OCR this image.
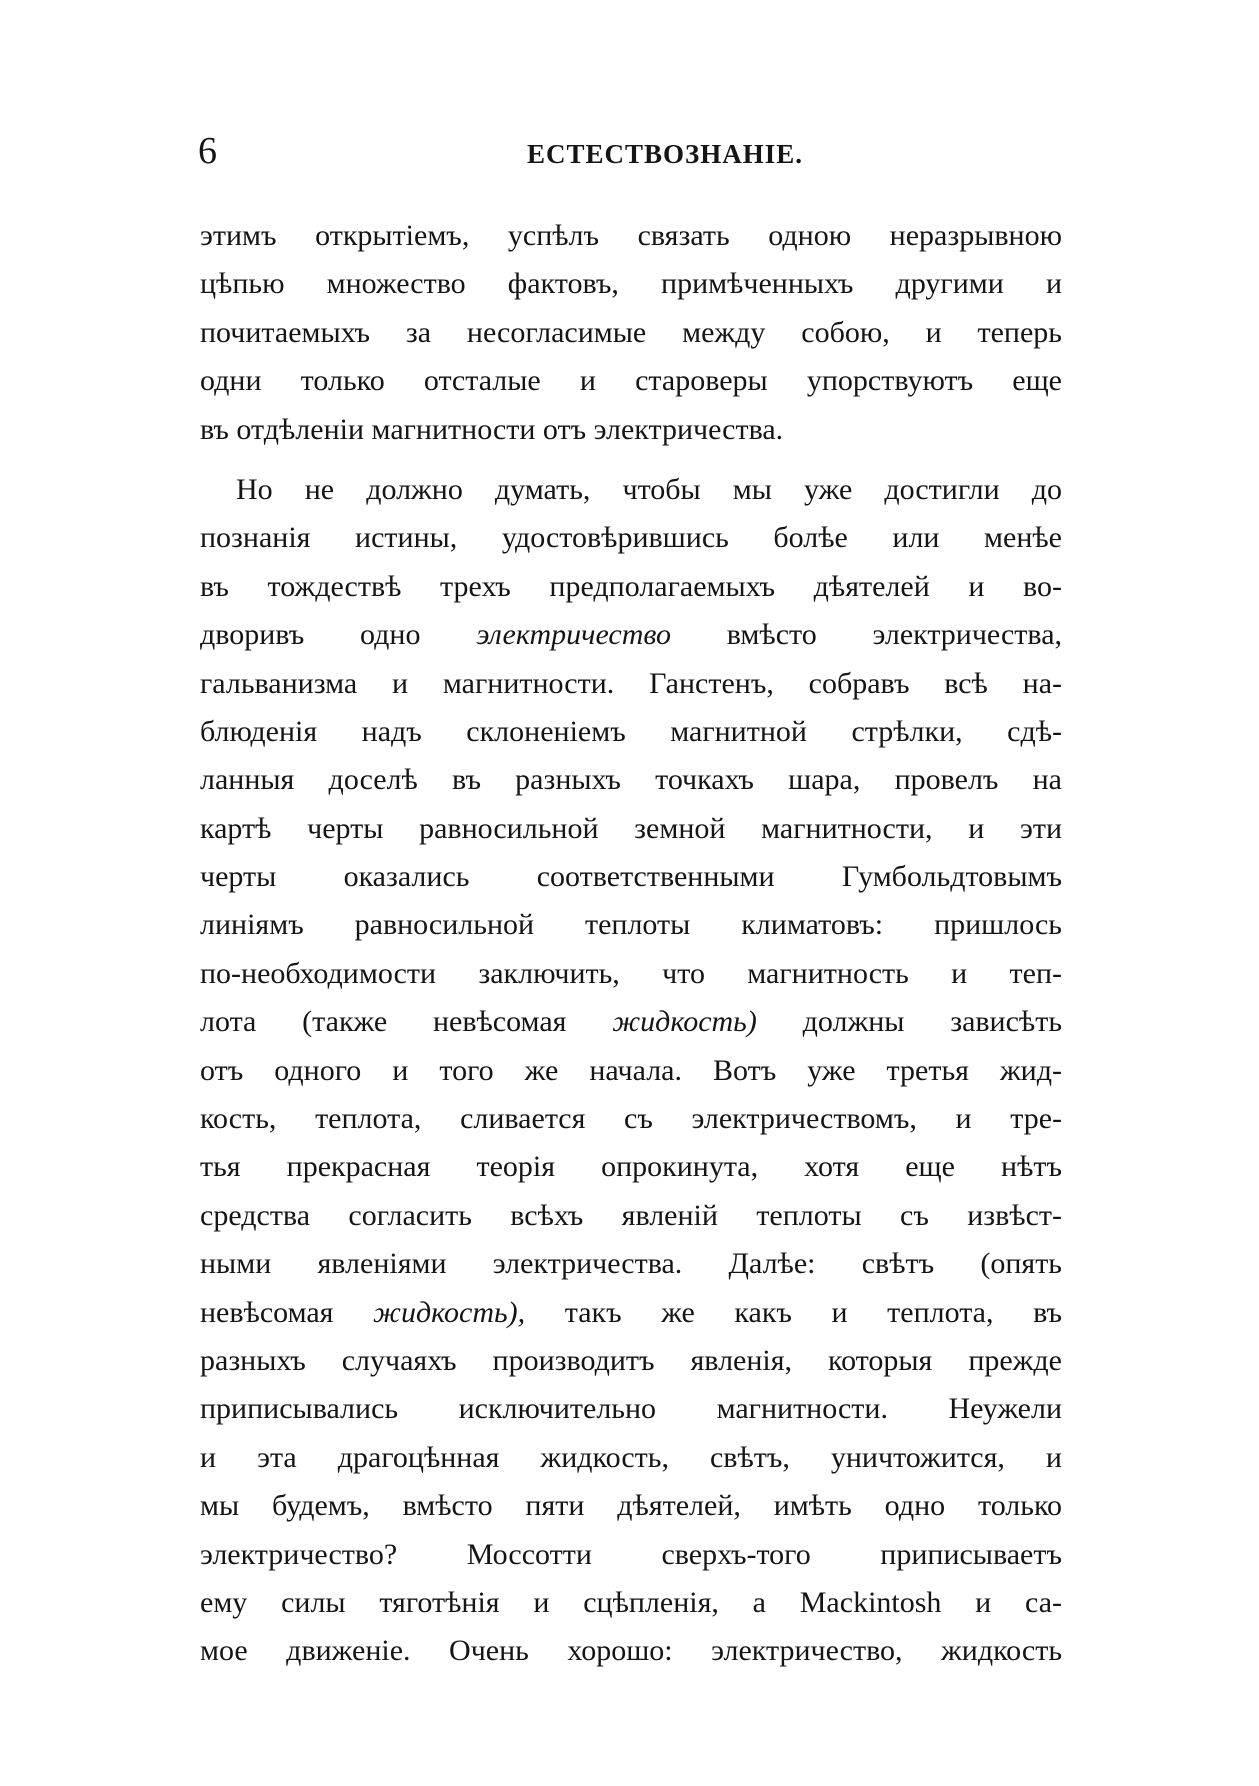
6	ЕСТЕСТВОЗНАНІЕ.
этимъ открытіемъ, успѣлъ связать одною неразрывною
цѣпью множество фактовъ, примѣченныхъ другими и
почитаемыхъ за несогласимые между собою, и теперь
одни только отсталые и староверы упорствуютъ еще
въ отдѣленіи магнитности отъ электричества.
Но не должно думать, чтобы мы уже достигли до
познанія истины, удостовѣрившись болѣе или менѣе
въ тождествѣ трехъ предполагаемыхъ дѣятелей и во-
дворивъ одно электричество вмѣсто электричества,
гальванизма и магнитности. Ганстенъ, собравъ всѣ на-
блюденія надъ склоненіемъ магнитной стрѣлки, сдѣ-
ланныя доселѣ въ разныхъ точкахъ шара, провелъ на
картѣ черты равносильной земной магнитности, и эти
черты оказались соответственными Гумбольдтовымъ
линіямъ равносильной теплоты климатовъ: пришлось
по-необходимости заключить, что магнитность и теп-
лота (также невѣсомая жидкость) должны зависѣть
отъ одного и того же начала. Вотъ уже третья жид-
кость, теплота, сливается съ электричествомъ, и тре-
тья прекрасная теорія опрокинута, хотя еще нѣтъ
средства согласить всѣхъ явленій теплоты съ извѣст-
ными явленіями электричества. Далѣе: свѣтъ (опять
невѣсомая жидкость), такъ же какъ и теплота, въ
разныхъ случаяхъ производитъ явленія, которыя прежде
приписывались исключительно магнитности. Неужели
и эта драгоцѣнная жидкость, свѣтъ, уничтожится, и
мы будемъ, вмѣсто пяти дѣятелей, имѣть одно только
электричество? Моссотти сверхъ-того приписываетъ
ему силы тяготѣнія и сцѣпленія, а Mackintosh и са-
мое движеніе. Очень хорошо: электричество, жидкость
